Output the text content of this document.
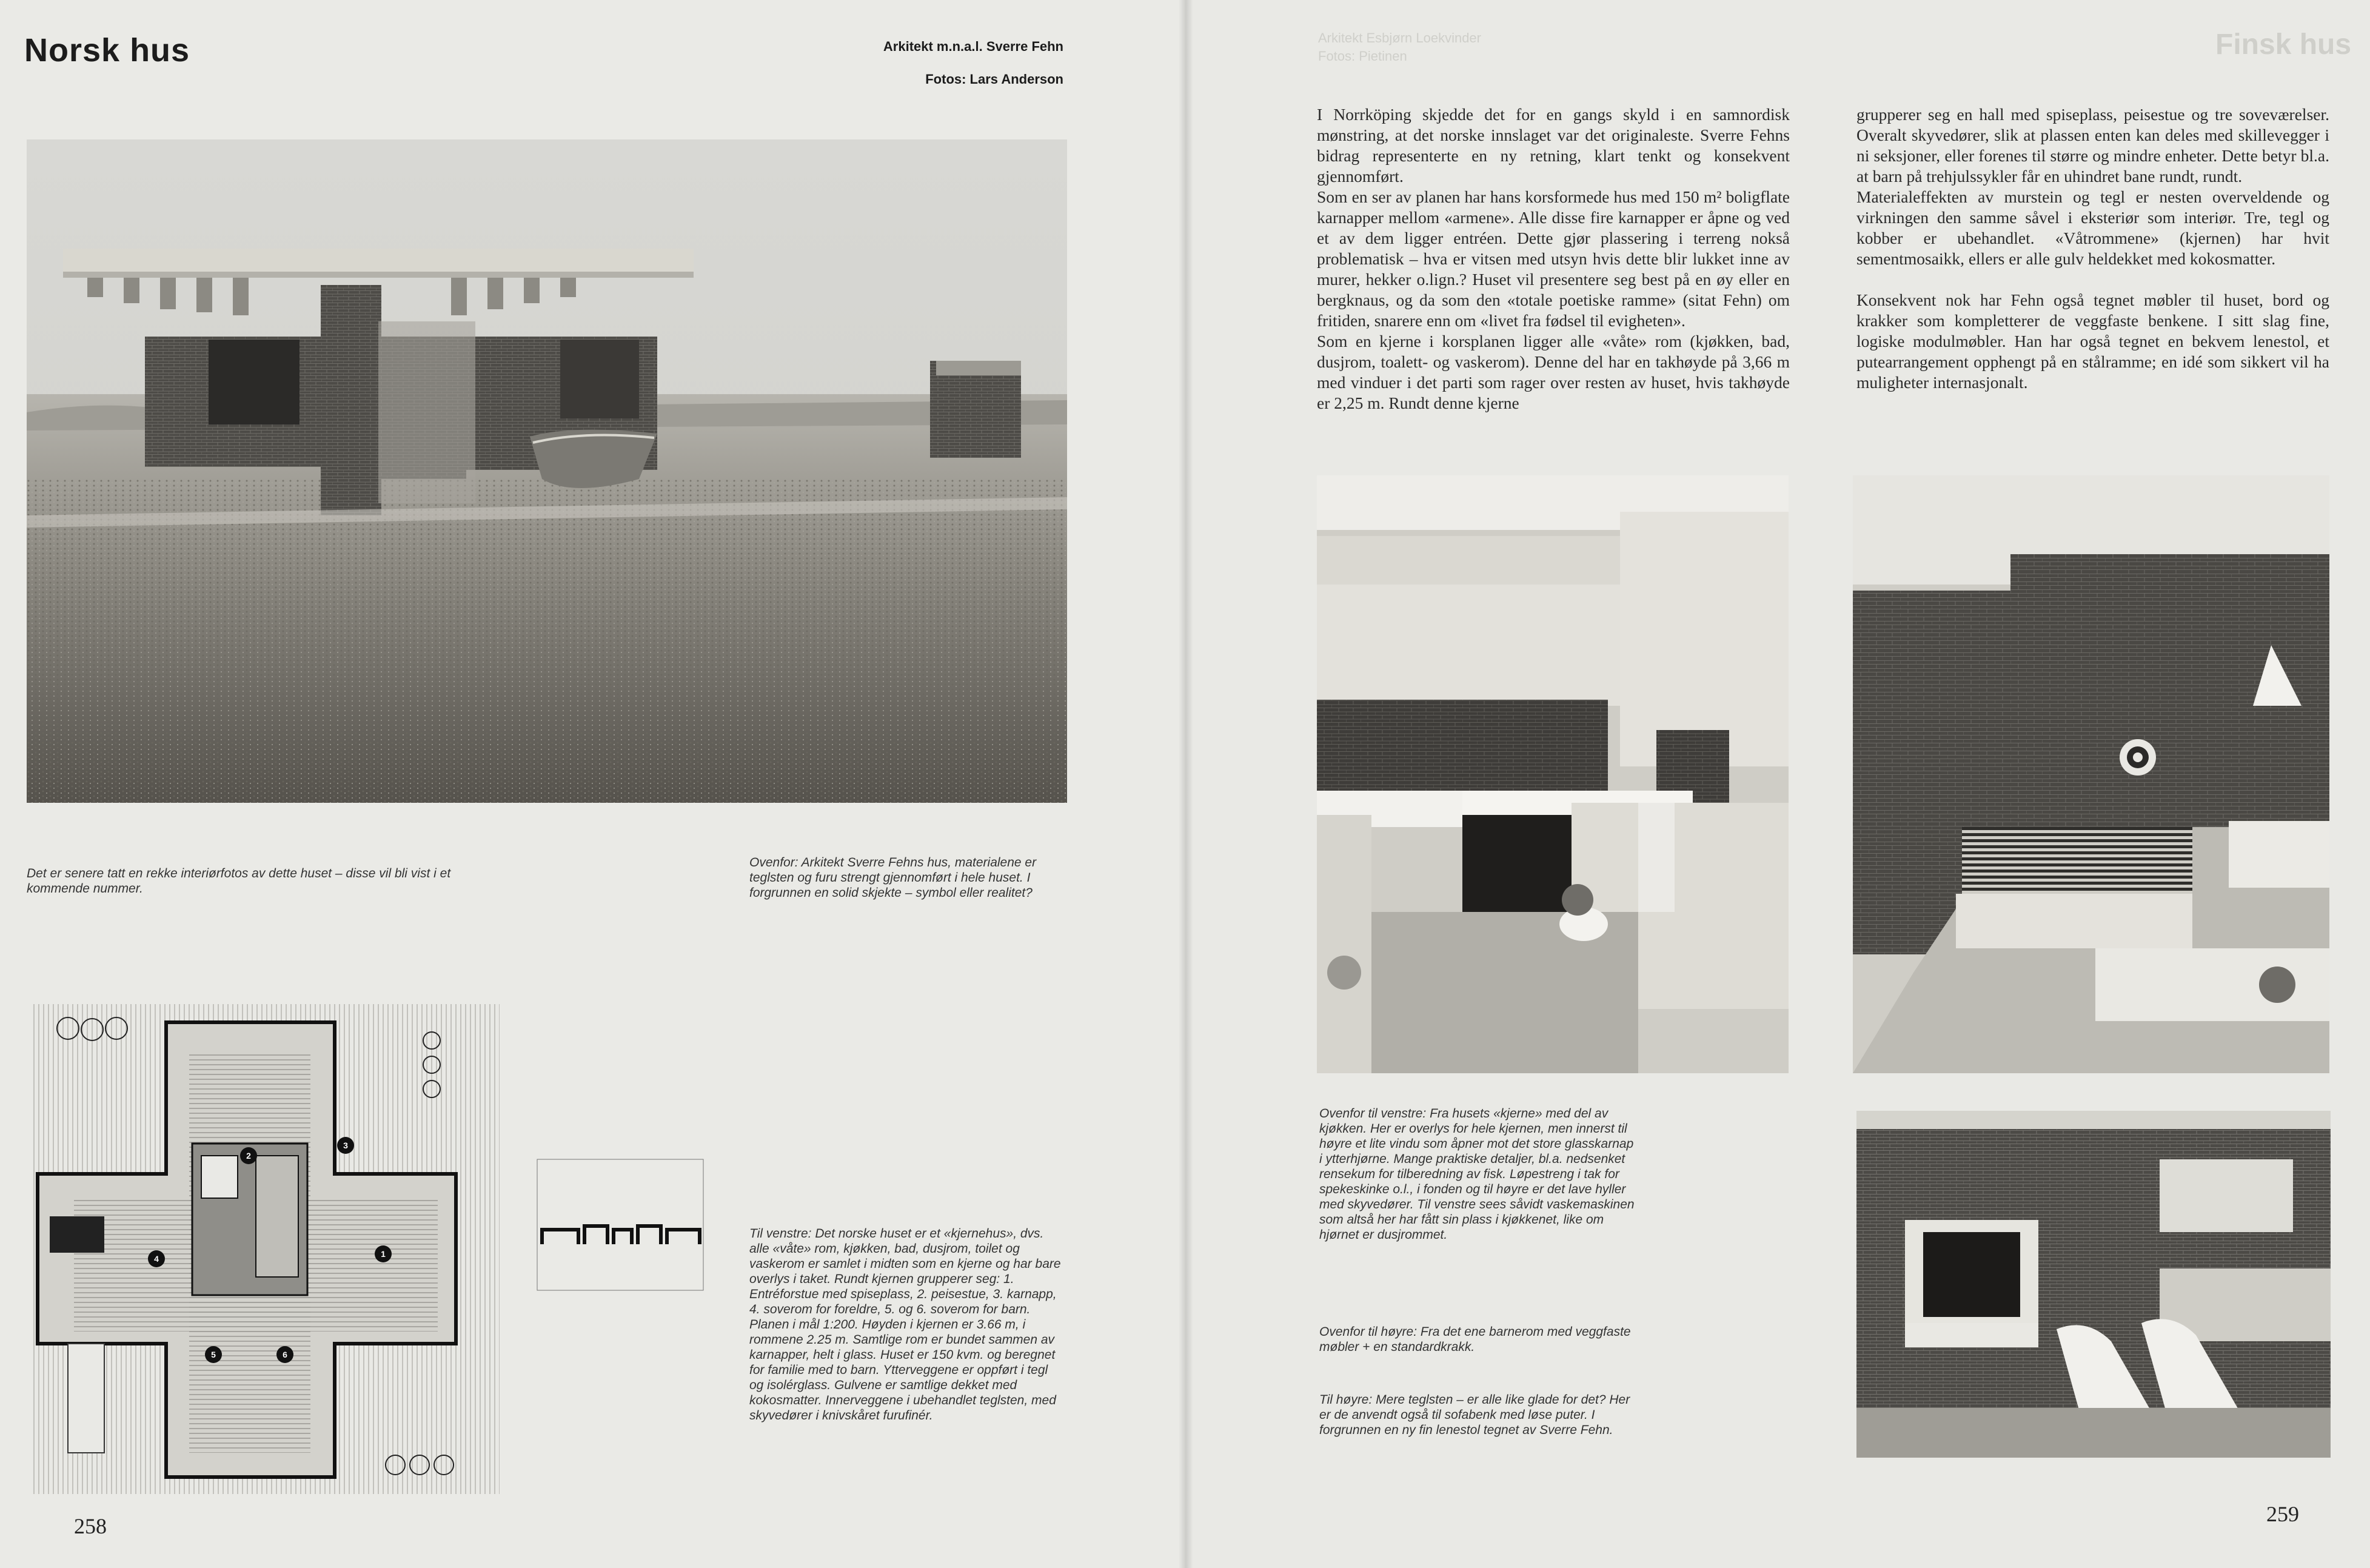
Norsk hus	Arkitekt m.n.a.l. Sverre Fehn
Fotos: Lars Anderson
Det er senere tatt en rekke interiørfotos av dette huset – disse vil bli vist i et kommende nummer.
Ovenfor: Arkitekt Sverre Fehns hus, materialene er teglsten og furu strengt gjennomført i hele huset. I forgrunnen en solid skjekte – symbol eller realitet?
1
2
3
4
5	6
Til venstre: Det norske huset er et «kjernehus», dvs. alle «våte» rom, kjøkken, bad, dusjrom, toilet og vaskerom er samlet i midten som en kjerne og har bare overlys i taket. Rundt kjernen grupperer seg: 1. Entréforstue med spiseplass, 2. peisestue, 3. karnapp, 4. soverom for foreldre, 5. og 6. soverom for barn. Planen i mål 1:200. Høyden i kjernen er 3.66 m, i rommene 2.25 m. Samtlige rom er bundet sammen av karnapper, helt i glass. Huset er 150 kvm. og beregnet for familie med to barn. Ytterveggene er oppført i tegl og isolérglass. Gulvene er samtlige dekket med kokosmatter. Innerveggene i ubehandlet teglsten, med skyvedører i knivskåret furufinér.
258
Finsk hus
Arkitekt Esbjørn Loekvinder
Fotos: Pietinen

I Norrköping skjedde det for en gangs skyld i en samnordisk mønstring, at det norske innslaget var det originaleste. Sverre Fehns bidrag representerte en ny retning, klart tenkt og konsekvent gjennomført.

Som en ser av planen har hans korsformede hus med 150 m² boligflate karnapper mellom «armene». Alle disse fire karnapper er åpne og ved et av dem ligger entréen. Dette gjør plassering i terreng nokså problematisk – hva er vitsen med utsyn hvis dette blir lukket inne av murer, hekker o.lign.? Huset vil presentere seg best på en øy eller en bergknaus, og da som den «totale poetiske ramme» (sitat Fehn) om fritiden, snarere enn om «livet fra fødsel til evigheten».

Som en kjerne i korsplanen ligger alle «våte» rom (kjøkken, bad, dusjrom, toalett- og vaskerom). Denne del har en takhøyde på 3,66 m med vinduer i det parti som rager over resten av huset, hvis takhøyde er 2,25 m. Rundt denne kjerne

grupperer seg en hall med spiseplass, peisestue og tre soveværelser. Overalt skyvedører, slik at plassen enten kan deles med skillevegger i ni seksjoner, eller forenes til større og mindre enheter. Dette betyr bl.a. at barn på trehjulssykler får en uhindret bane rundt, rundt.

Materialeffekten av murstein og tegl er nesten overveldende og virkningen den samme såvel i eksteriør som interiør. Tre, tegl og kobber er ubehandlet. «Våtrommene» (kjernen) har hvit sementmosaikk, ellers er alle gulv heldekket med kokosmatter.

Konsekvent nok har Fehn også tegnet møbler til huset, bord og krakker som kompletterer de veggfaste benkene. I sitt slag fine, logiske modulmøbler. Han har også tegnet en bekvem lenestol, et putearrangement opphengt på en stålramme; en idé som sikkert vil ha muligheter internasjonalt.

Ovenfor til venstre: Fra husets «kjerne» med del av kjøkken. Her er overlys for hele kjernen, men innerst til høyre et lite vindu som åpner mot det store glasskarnap i ytterhjørne. Mange praktiske detaljer, bl.a. nedsenket rensekum for tilberedning av fisk. Løpestreng i tak for spekeskinke o.l., i fonden og til høyre er det lave hyller med skyvedører. Til venstre sees såvidt vaskemaskinen som altså her har fått sin plass i kjøkkenet, like om hjørnet er dusjrommet.
Ovenfor til høyre: Fra det ene barnerom med veggfaste møbler + en standardkrakk.
Til høyre: Mere teglsten – er alle like glade for det? Her er de anvendt også til sofabenk med løse puter. I forgrunnen en ny fin lenestol tegnet av Sverre Fehn.
259
